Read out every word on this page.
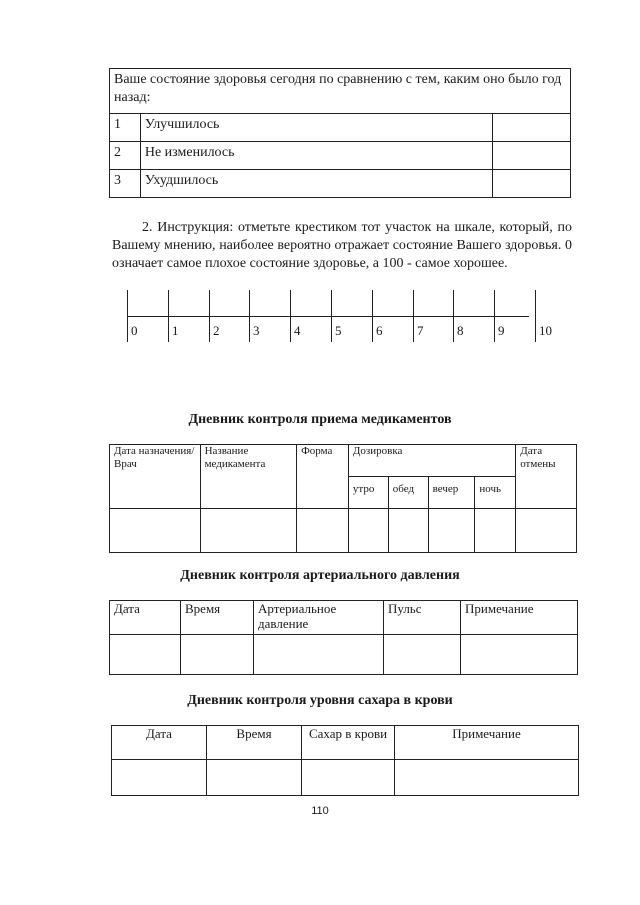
Ваше состояние здоровья сегодня по сравнению с тем, каким оно было год назад:		
1	Улучшилось	
2	Не изменилось	
3	Ухудшилось	
2. Инструкция: отметьте крестиком тот участок на шкале, который, по Вашему мнению, наиболее вероятно отражает состояние Вашего здоровья. 0 означает самое плохое состояние здоровье, а 100 - самое хорошее.
0	1	2	3	4	5	6	7	8	9	10
Дневник контроля приема медикаментов
Дата назначения/ Врач	Название медикамента	Форма	Дозировка				Дата отмены
			утро	обед	вечер	ночь	

Дневник контроля артериального давления
Дата	Время	Артериальное давление	Пульс	Примечание

Дневник контроля уровня сахара в крови
Дата	Время	Сахар в крови	Примечание

110
